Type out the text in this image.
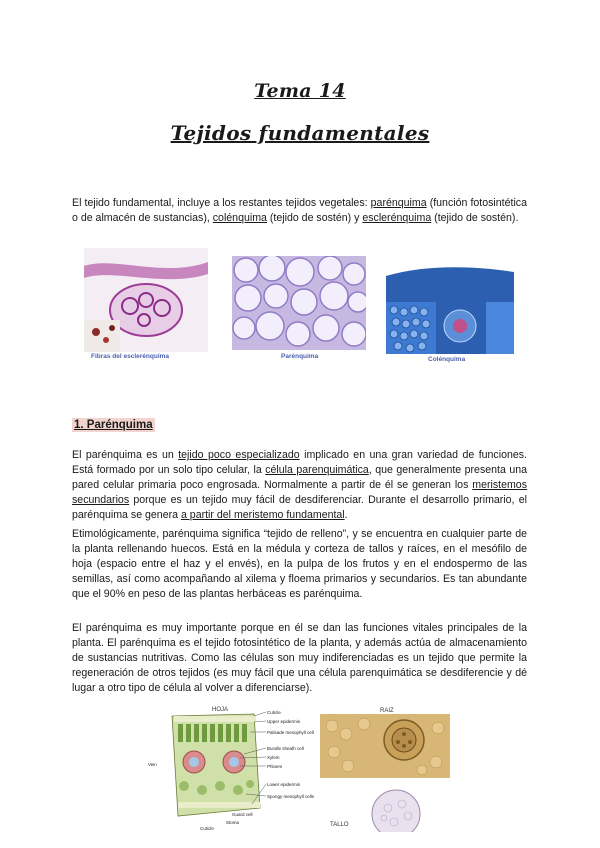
Tema 14
Tejidos fundamentales

El tejido fundamental, incluye a los restantes tejidos vegetales: parénquima (función fotosintética o de almacén de sustancias), colénquima (tejido de sostén) y esclerénquima (tejido de sostén).

Fibras del esclerénquima	Parénquima	Colénquima
1. Parénquima

El parénquima es un tejido poco especializado implicado en una gran variedad de funciones. Está formado por un solo tipo celular, la célula parenquimática, que generalmente presenta una pared celular primaria poco engrosada. Normalmente a partir de él se generan los meristemos secundarios porque es un tejido muy fácil de desdiferenciar. Durante el desarrollo primario, el parénquima se genera a partir del meristemo fundamental.

Etimológicamente, parénquima significa “tejido de relleno”, y se encuentra en cualquier parte de la planta rellenando huecos. Está en la médula y corteza de tallos y raíces, en el mesófilo de hoja (espacio entre el haz y el envés), en la pulpa de los frutos y en el endospermo de las semillas, así como acompañando al xilema y floema primarios y secundarios. Es tan abundante que el 90% en peso de las plantas herbáceas es parénquima.

El parénquima es muy importante porque en él se dan las funciones vitales principales de la planta. El parénquima es el tejido fotosintético de la planta, y además actúa de almacenamiento de sustancias nutritivas. Como las células son muy indiferenciadas es un tejido que permite la regeneración de otros tejidos (es muy fácil que una célula parenquimática se desdiferencie y dé lugar a otro tipo de célula al volver a diferenciarse).

HOJA	Cuticle
Upper epidermis
Palisade mesophyll cell
Bundle sheath cell
Xylem
Phloem
Lower epidermis
Spongy mesophyll cells
Guard cell
Stoma
Cuticle
Vein
RAIZ
TALLO
